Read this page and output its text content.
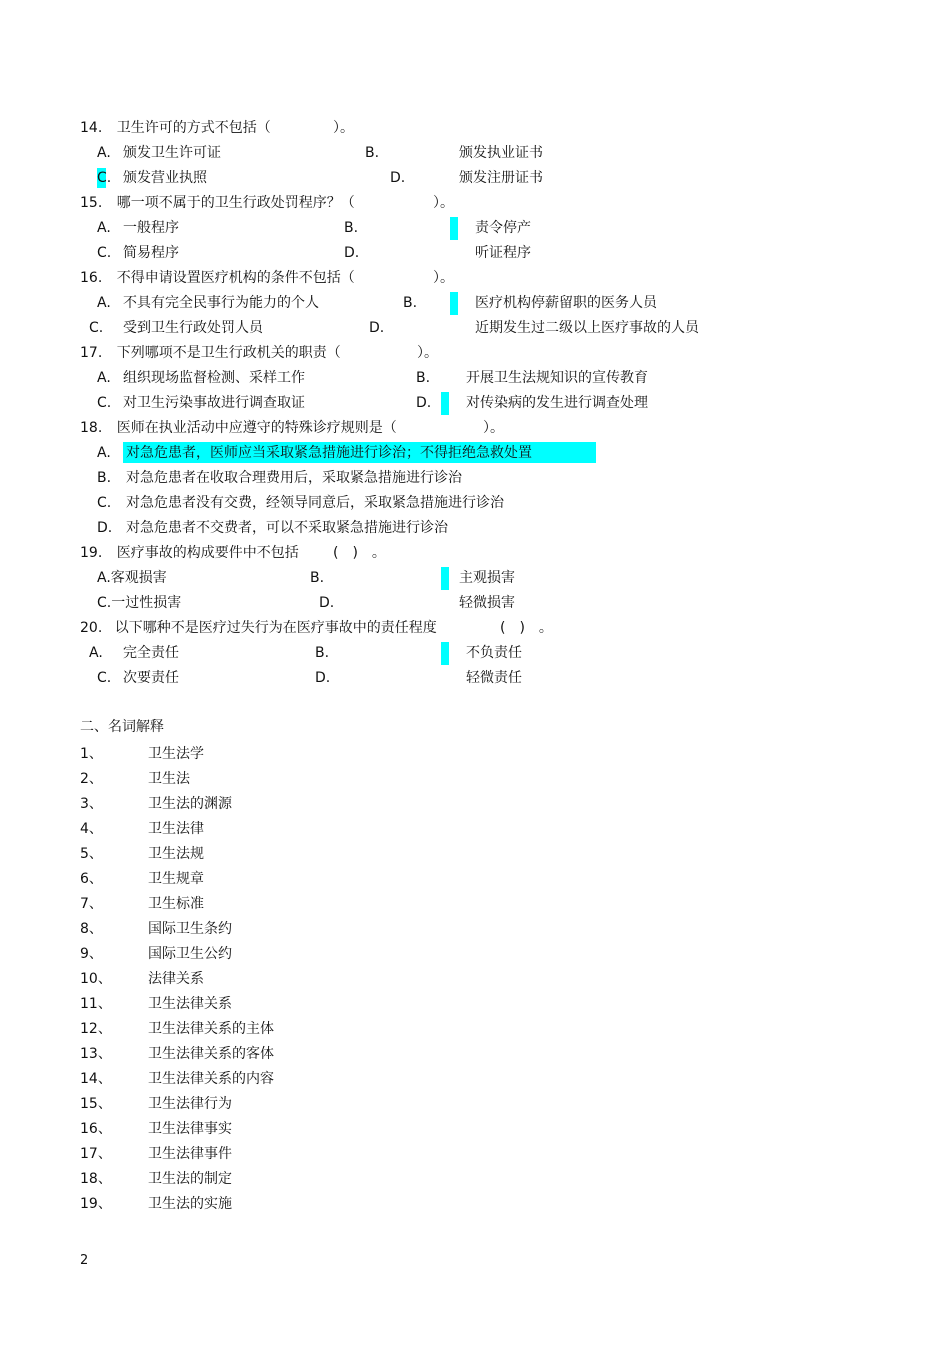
14. 卫生许可的方式不包括（	）。
A. 颁发卫生许可证	B.	颁发执业证书
C. 颁发营业执照	D.	颁发注册证书
15. 哪一项不属于的卫生行政处罚程序？（	）。
A. 一般程序	B.	责令停产
C. 简易程序	D.	听证程序
16. 不得申请设置医疗机构的条件不包括（	）。
A. 不具有完全民事行为能力的个人	B.	医疗机构停薪留职的医务人员
C. 受到卫生行政处罚人员	D.	近期发生过二级以上医疗事故的人员
17. 下列哪项不是卫生行政机关的职责（	）。
A. 组织现场监督检测、采样工作	B.	开展卫生法规知识的宣传教育
C. 对卫生污染事故进行调查取证	D. 对传染病的发生进行调查处理
18. 医师在执业活动中应遵守的特殊诊疗规则是（	）。
A. 对急危患者，医师应当采取紧急措施进行诊治；不得拒绝急救处置
B. 对急危患者在收取合理费用后，采取紧急措施进行诊治
C. 对急危患者没有交费，经领导同意后，采取紧急措施进行诊治
D. 对急危患者不交费者，可以不采取紧急措施进行诊治
19. 医疗事故的构成要件中不包括 (　)　。
A.客观损害	B.	主观损害
C.一过性损害	D.	轻微损害
20. 以下哪种不是医疗过失行为在医疗事故中的责任程度	(　)　。
A. 完全责任	B.	不负责任
C. 次要责任	D.	轻微责任
二、名词解释
1、	卫生法学
2、	卫生法
3、	卫生法的渊源
4、	卫生法律
5、	卫生法规
6、	卫生规章
7、	卫生标准
8、	国际卫生条约
9、	国际卫生公约
10、	法律关系
11、	卫生法律关系
12、	卫生法律关系的主体
13、	卫生法律关系的客体
14、	卫生法律关系的内容
15、	卫生法律行为
16、	卫生法律事实
17、	卫生法律事件
18、	卫生法的制定
19、	卫生法的实施
2
